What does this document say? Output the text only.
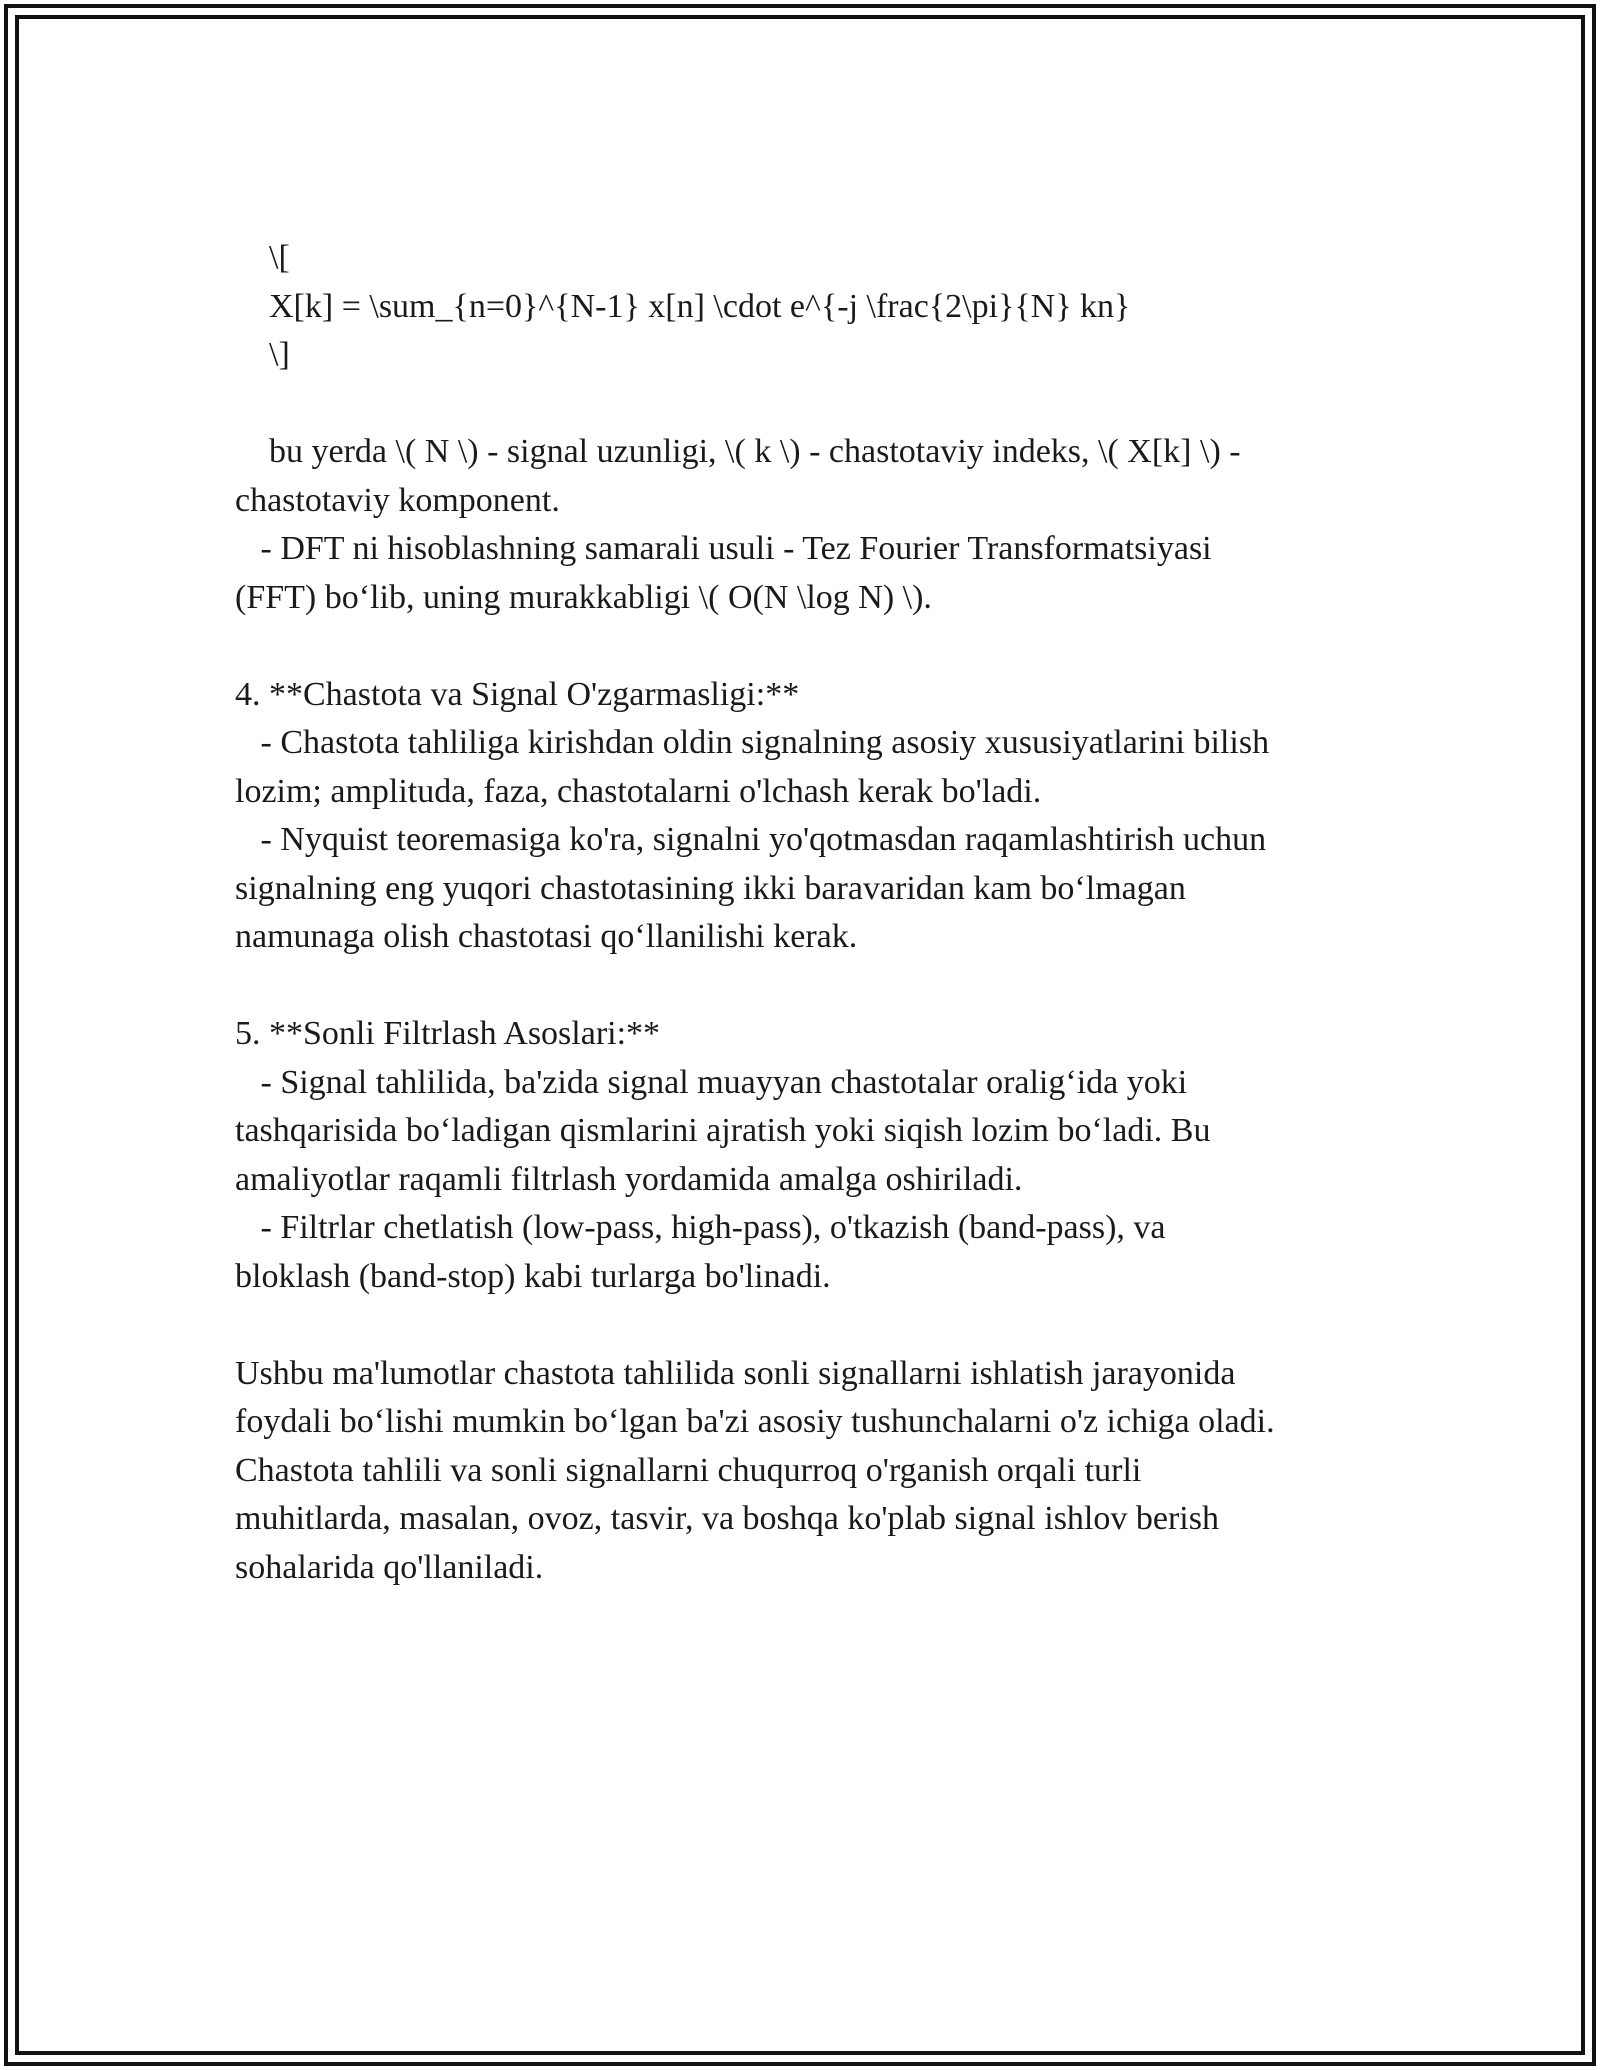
\[

X[k] = \sum_{n=0}^{N-1} x[n] \cdot e^{-j \frac{2\pi}{N} kn}

\]

bu yerda \( N \) - signal uzunligi, \( k \) - chastotaviy indeks, \( X[k] \) -

chastotaviy komponent.

- DFT ni hisoblashning samarali usuli - Tez Fourier Transformatsiyasi

(FFT) bo‘lib, uning murakkabligi \( O(N \log N) \).

4. **Chastota va Signal O'zgarmasligi:**

- Chastota tahliliga kirishdan oldin signalning asosiy xususiyatlarini bilish

lozim; amplituda, faza, chastotalarni o'lchash kerak bo'ladi.

- Nyquist teoremasiga ko'ra, signalni yo'qotmasdan raqamlashtirish uchun

signalning eng yuqori chastotasining ikki baravaridan kam bo‘lmagan

namunaga olish chastotasi qo‘llanilishi kerak.

5. **Sonli Filtrlash Asoslari:**

- Signal tahlilida, ba'zida signal muayyan chastotalar oralig‘ida yoki

tashqarisida bo‘ladigan qismlarini ajratish yoki siqish lozim bo‘ladi. Bu

amaliyotlar raqamli filtrlash yordamida amalga oshiriladi.

- Filtrlar chetlatish (low-pass, high-pass), o'tkazish (band-pass), va

bloklash (band-stop) kabi turlarga bo'linadi.

Ushbu ma'lumotlar chastota tahlilida sonli signallarni ishlatish jarayonida

foydali bo‘lishi mumkin bo‘lgan ba'zi asosiy tushunchalarni o'z ichiga oladi.

Chastota tahlili va sonli signallarni chuqurroq o'rganish orqali turli

muhitlarda, masalan, ovoz, tasvir, va boshqa ko'plab signal ishlov berish

sohalarida qo'llaniladi.
